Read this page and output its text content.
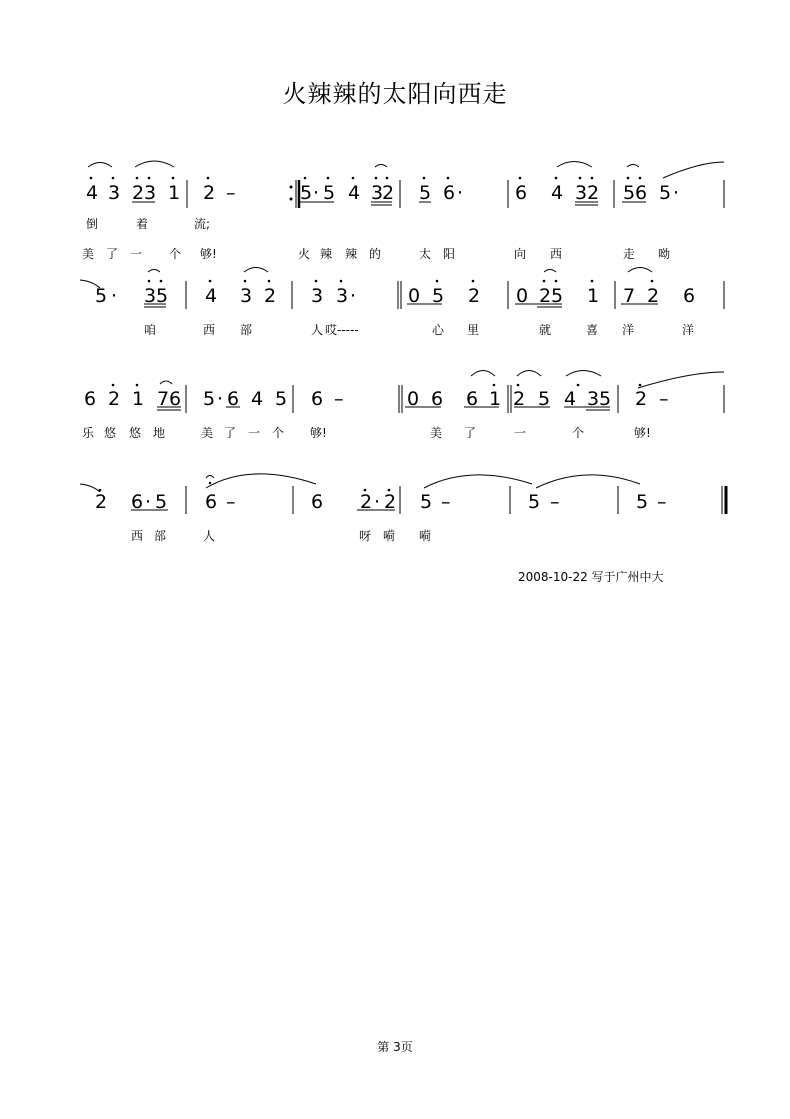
火辣辣的太阳向西走
4 3 2 3 1 2 –	5 · 5 4 3
2 5 6 ·	6 4 3 2 5 6 5 ·
倒	着	流;
美 了 一 个 够!	火 辣 辣 的	太 阳	向 西	走 呦
5 · 3 5 4 3 2 3 3 ·	0 5 2 0 2 5 1 7 2 6
咱	西 部	人 哎-----	心 里	就	喜 洋	洋
6 2 1 7 6 5 · 6 4 5 6 –	0 6 6 1 2 5 4 3 5 2 –
乐 悠 悠 地	美 了 一 个 够!	美 了	一	个	够!
2 6 · 5 6 –	6 2 · 2 5 –	5 –	5 –
西 部	人	呀 嗬 嗬
2008-10-22 写于广州中大
第 3页
